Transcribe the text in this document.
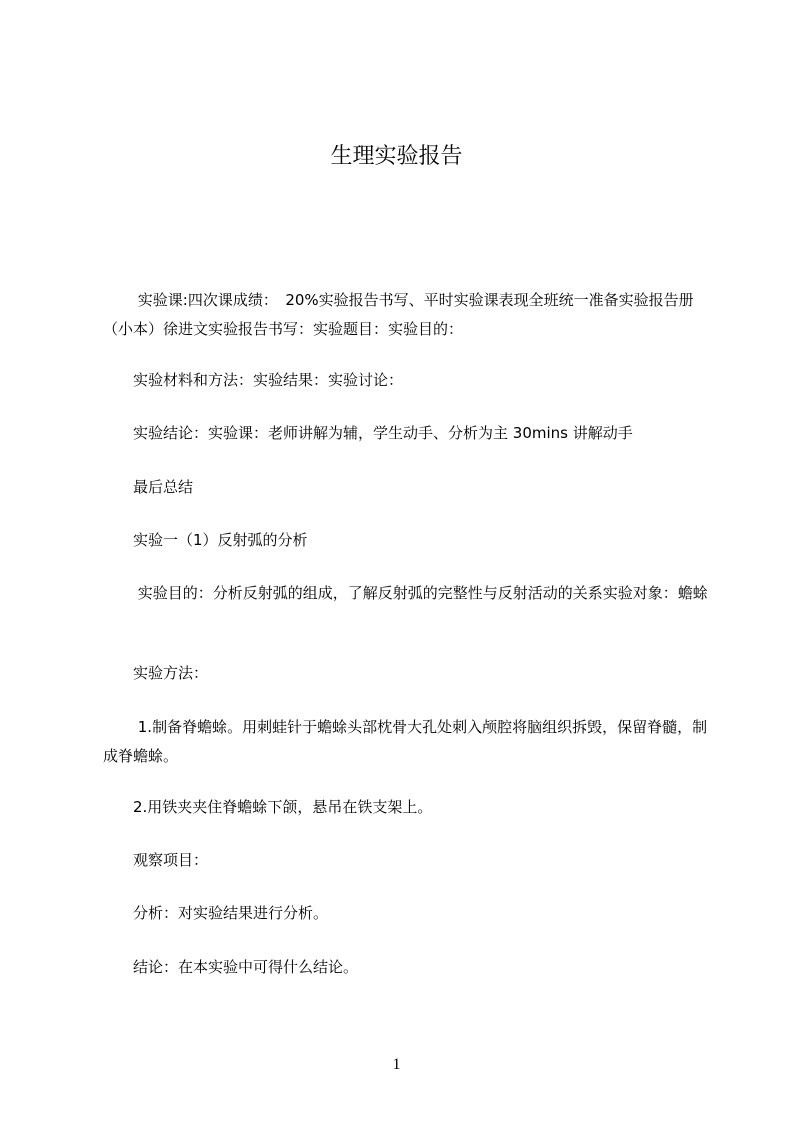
生理实验报告

　　 实验课:四次课成绩：　20%实验报告书写、平时实验课表现全班统一准备实验报告册（小本）徐进文实验报告书写：实验题目：实验目的：

　　实验材料和方法：实验结果：实验讨论：

　　实验结论：实验课：老师讲解为辅，学生动手、分析为主 30mins 讲解动手

　　最后总结

　　实验一（1）反射弧的分析

　　 实验目的：分析反射弧的组成，了解反射弧的完整性与反射活动的关系实验对象：蟾蜍

　　实验方法：

　　 1.制备脊蟾蜍。用刺蛙针于蟾蜍头部枕骨大孔处刺入颅腔将脑组织拆毁，保留脊髓，制成脊蟾蜍。

　　2.用铁夹夹住脊蟾蜍下颌，悬吊在铁支架上。

　　观察项目：

　　分析：对实验结果进行分析。

　　结论：在本实验中可得什么结论。

1
